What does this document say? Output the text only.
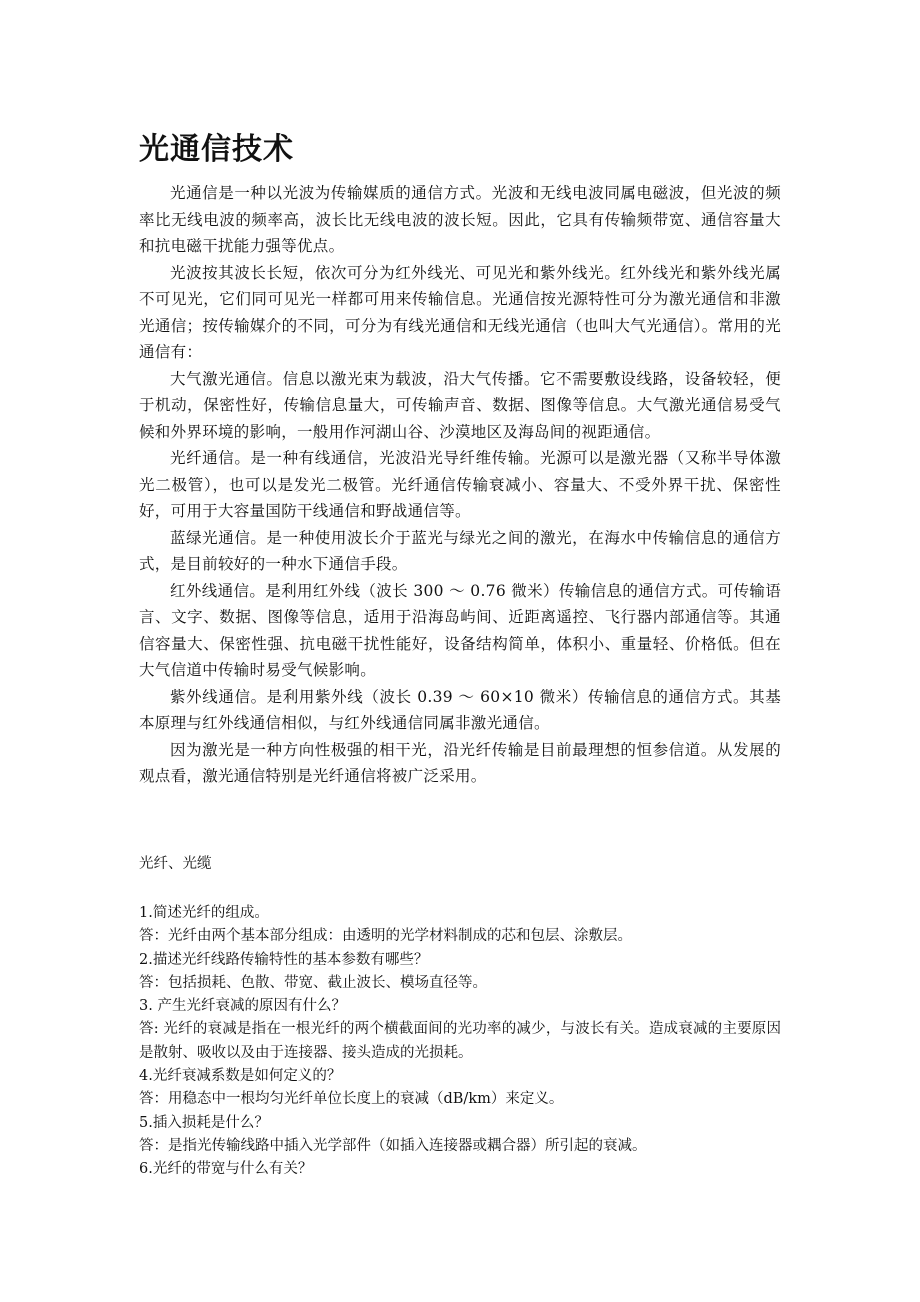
光通信技术

光通信是一种以光波为传输媒质的通信方式。光波和无线电波同属电磁波，但光波的频率比无线电波的频率高，波长比无线电波的波长短。因此，它具有传输频带宽、通信容量大和抗电磁干扰能力强等优点。

光波按其波长长短，依次可分为红外线光、可见光和紫外线光。红外线光和紫外线光属不可见光，它们同可见光一样都可用来传输信息。光通信按光源特性可分为激光通信和非激光通信；按传输媒介的不同，可分为有线光通信和无线光通信（也叫大气光通信）。常用的光通信有：

大气激光通信。信息以激光束为载波，沿大气传播。它不需要敷设线路，设备较轻，便于机动，保密性好，传输信息量大，可传输声音、数据、图像等信息。大气激光通信易受气候和外界环境的影响，一般用作河湖山谷、沙漠地区及海岛间的视距通信。

光纤通信。是一种有线通信，光波沿光导纤维传输。光源可以是激光器（又称半导体激光二极管），也可以是发光二极管。光纤通信传输衰减小、容量大、不受外界干扰、保密性好，可用于大容量国防干线通信和野战通信等。

蓝绿光通信。是一种使用波长介于蓝光与绿光之间的激光，在海水中传输信息的通信方式，是目前较好的一种水下通信手段。

红外线通信。是利用红外线（波长 300 ～ 0.76 微米）传输信息的通信方式。可传输语言、文字、数据、图像等信息，适用于沿海岛屿间、近距离遥控、飞行器内部通信等。其通信容量大、保密性强、抗电磁干扰性能好，设备结构简单，体积小、重量轻、价格低。但在大气信道中传输时易受气候影响。

紫外线通信。是利用紫外线（波长 0.39 ～ 60×10 微米）传输信息的通信方式。其基本原理与红外线通信相似，与红外线通信同属非激光通信。

因为激光是一种方向性极强的相干光，沿光纤传输是目前最理想的恒参信道。从发展的观点看，激光通信特别是光纤通信将被广泛采用。

光纤、光缆
1.简述光纤的组成。
答：光纤由两个基本部分组成：由透明的光学材料制成的芯和包层、涂敷层。
2.描述光纤线路传输特性的基本参数有哪些？
答：包括损耗、色散、带宽、截止波长、模场直径等。
3. 产生光纤衰减的原因有什么？
答: 光纤的衰减是指在一根光纤的两个横截面间的光功率的减少，与波长有关。造成衰减的主要原因是散射、吸收以及由于连接器、接头造成的光损耗。
4.光纤衰减系数是如何定义的？
答：用稳态中一根均匀光纤单位长度上的衰减（dB/km）来定义。
5.插入损耗是什么？
答：是指光传输线路中插入光学部件（如插入连接器或耦合器）所引起的衰减。
6.光纤的带宽与什么有关？
